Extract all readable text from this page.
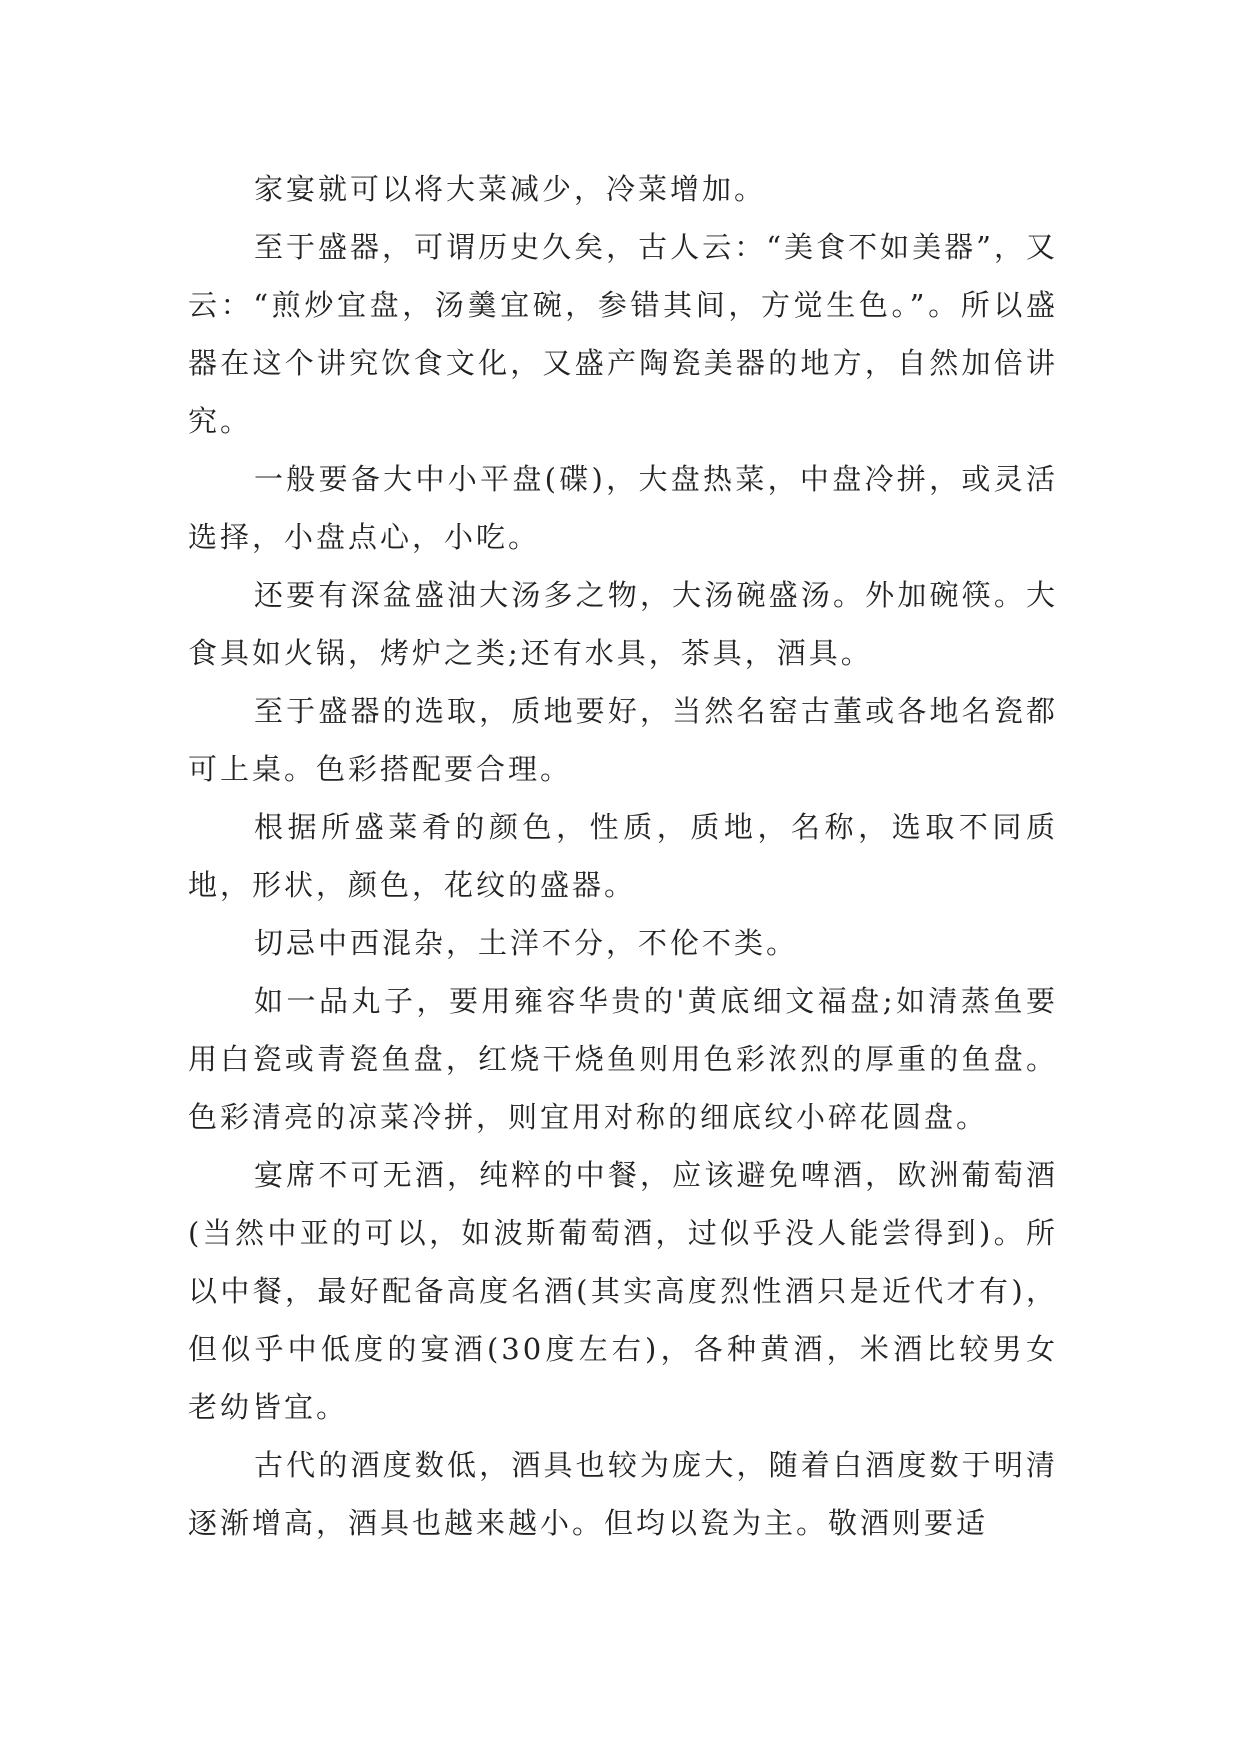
家宴就可以将大菜减少，冷菜增加。

至于盛器，可谓历史久矣，古人云：“美食不如美器”，又云：“煎炒宜盘，汤羹宜碗，参错其间，方觉生色。”。所以盛器在这个讲究饮食文化，又盛产陶瓷美器的地方，自然加倍讲究。

一般要备大中小平盘(碟)，大盘热菜，中盘冷拼，或灵活选择，小盘点心，小吃。

还要有深盆盛油大汤多之物，大汤碗盛汤。外加碗筷。大食具如火锅，烤炉之类;还有水具，茶具，酒具。

至于盛器的选取，质地要好，当然名窑古董或各地名瓷都可上桌。色彩搭配要合理。

根据所盛菜肴的颜色，性质，质地，名称，选取不同质地，形状，颜色，花纹的盛器。

切忌中西混杂，土洋不分，不伦不类。

如一品丸子，要用雍容华贵的'黄底细文福盘;如清蒸鱼要用白瓷或青瓷鱼盘，红烧干烧鱼则用色彩浓烈的厚重的鱼盘。色彩清亮的凉菜冷拼，则宜用对称的细底纹小碎花圆盘。

宴席不可无酒，纯粹的中餐，应该避免啤酒，欧洲葡萄酒(当然中亚的可以，如波斯葡萄酒，过似乎没人能尝得到)。所以中餐，最好配备高度名酒(其实高度烈性酒只是近代才有)，但似乎中低度的宴酒(30度左右)，各种黄酒，米酒比较男女老幼皆宜。

古代的酒度数低，酒具也较为庞大，随着白酒度数于明清逐渐增高，酒具也越来越小。但均以瓷为主。敬酒则要适
